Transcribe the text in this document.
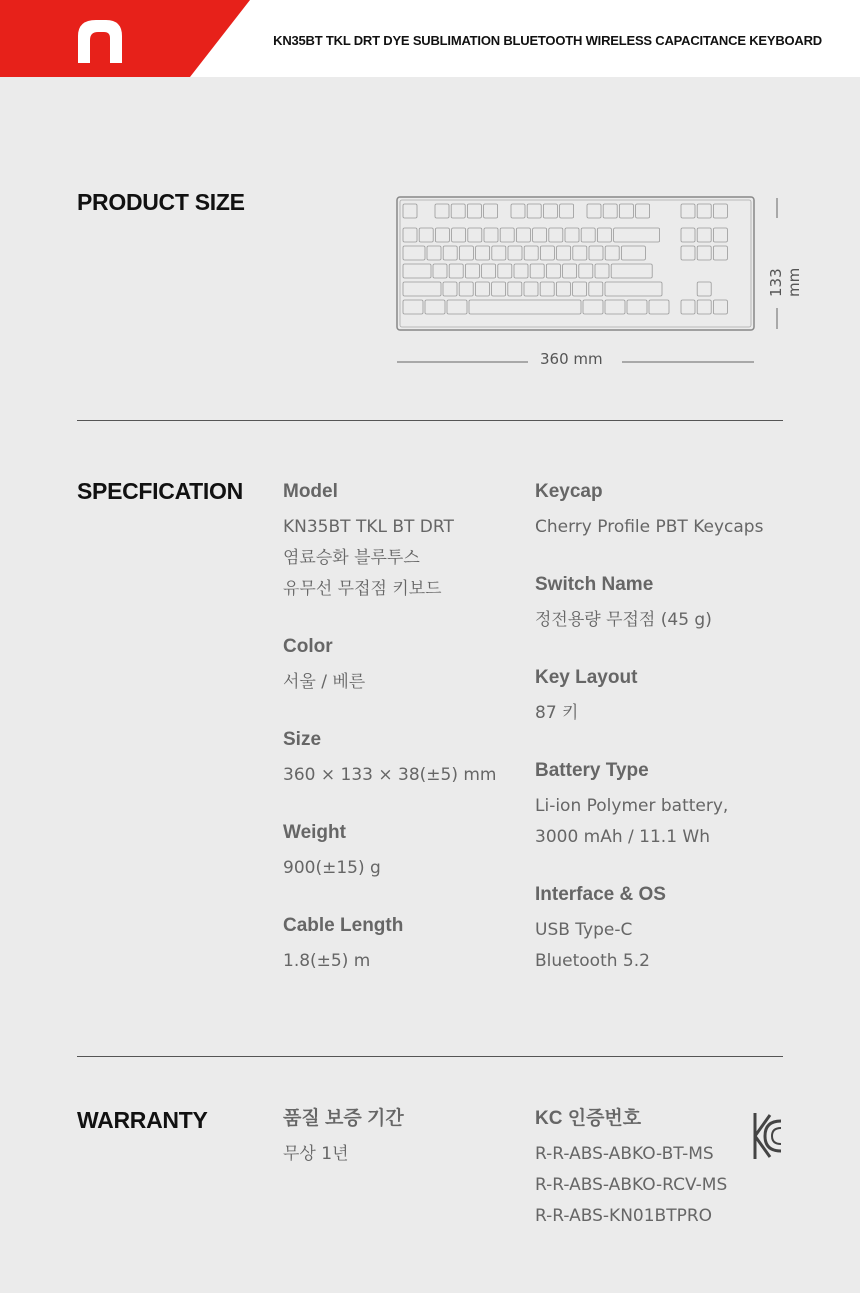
KN35BT TKL DRT DYE SUBLIMATION BLUETOOTH WIRELESS CAPACITANCE KEYBOARD
PRODUCT SIZE
133 mm
360 mm
SPECFICATION Model
KN35BT TKL BT DRT
염료승화 블루투스
유무선 무접점 키보드
Color
서울 / 베른
Size
360 × 133 × 38(±5) mm
Weight
900(±15) g
Cable Length
1.8(±5) m
Keycap
Cherry Profile PBT Keycaps
Switch Name
정전용량 무접점 (45 g)
Key Layout
87 키
Battery Type
Li-ion Polymer battery,
3000 mAh / 11.1 Wh
Interface & OS
USB Type-C
Bluetooth 5.2
WARRANTY	품질 보증 기간
무상 1년
KC 인증번호
R-R-ABS-ABKO-BT-MS
R-R-ABS-ABKO-RCV-MS
R-R-ABS-KN01BTPRO
